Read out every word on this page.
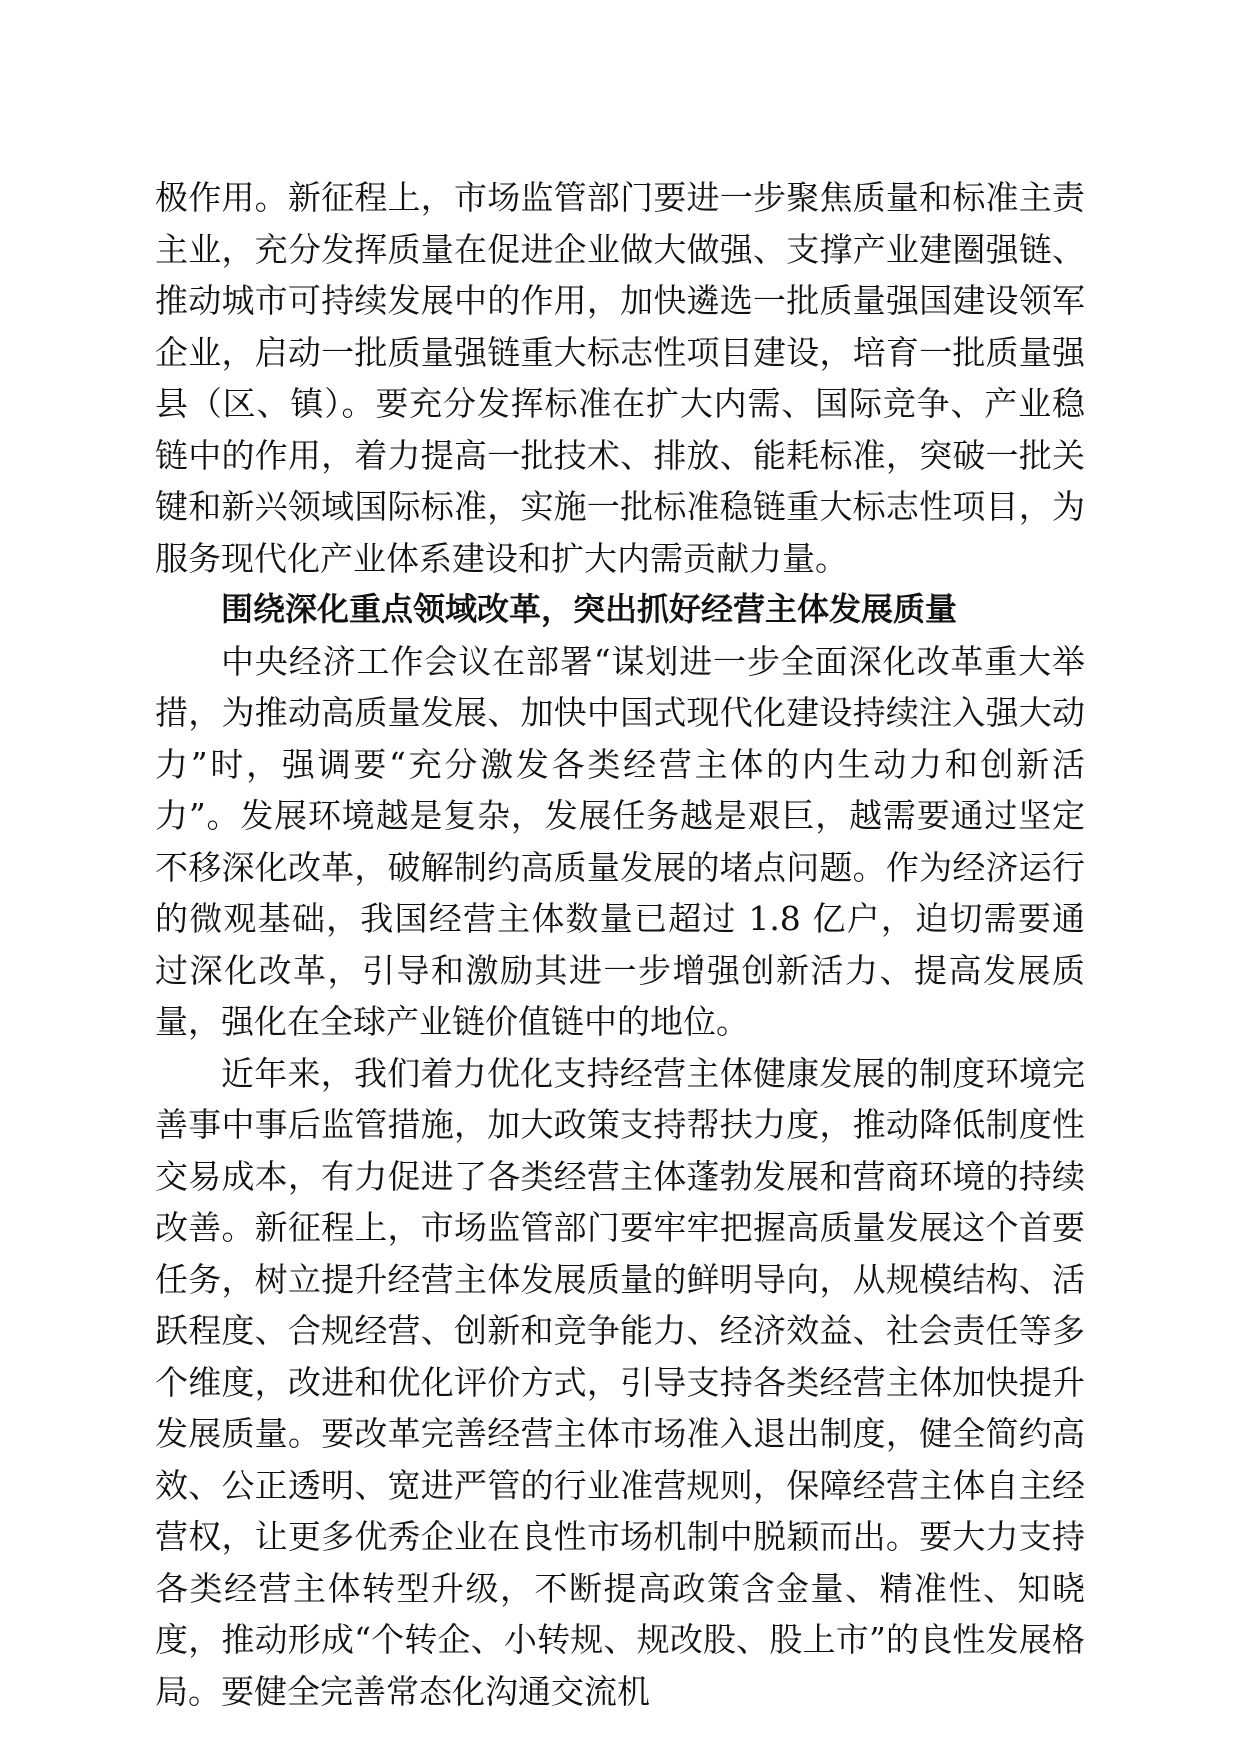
极作用。新征程上，市场监管部门要进一步聚焦质量和标准主责主业，充分发挥质量在促进企业做大做强、支撑产业建圈强链、推动城市可持续发展中的作用，加快遴选一批质量强国建设领军企业，启动一批质量强链重大标志性项目建设，培育一批质量强县（区、镇）。要充分发挥标准在扩大内需、国际竞争、产业稳链中的作用，着力提高一批技术、排放、能耗标准，突破一批关键和新兴领域国际标准，实施一批标准稳链重大标志性项目，为服务现代化产业体系建设和扩大内需贡献力量。

围绕深化重点领域改革，突出抓好经营主体发展质量

中央经济工作会议在部署“谋划进一步全面深化改革重大举措，为推动高质量发展、加快中国式现代化建设持续注入强大动力”时，强调要“充分激发各类经营主体的内生动力和创新活力”。发展环境越是复杂，发展任务越是艰巨，越需要通过坚定不移深化改革，破解制约高质量发展的堵点问题。作为经济运行的微观基础，我国经营主体数量已超过 1.8 亿户，迫切需要通过深化改革，引导和激励其进一步增强创新活力、提高发展质量，强化在全球产业链价值链中的地位。

近年来，我们着力优化支持经营主体健康发展的制度环境完善事中事后监管措施，加大政策支持帮扶力度，推动降低制度性交易成本，有力促进了各类经营主体蓬勃发展和营商环境的持续改善。新征程上，市场监管部门要牢牢把握高质量发展这个首要任务，树立提升经营主体发展质量的鲜明导向，从规模结构、活跃程度、合规经营、创新和竞争能力、经济效益、社会责任等多个维度，改进和优化评价方式，引导支持各类经营主体加快提升发展质量。要改革完善经营主体市场准入退出制度，健全简约高效、公正透明、宽进严管的行业准营规则，保障经营主体自主经营权，让更多优秀企业在良性市场机制中脱颖而出。要大力支持各类经营主体转型升级，不断提高政策含金量、精准性、知晓度，推动形成“个转企、小转规、规改股、股上市”的良性发展格局。要健全完善常态化沟通交流机
